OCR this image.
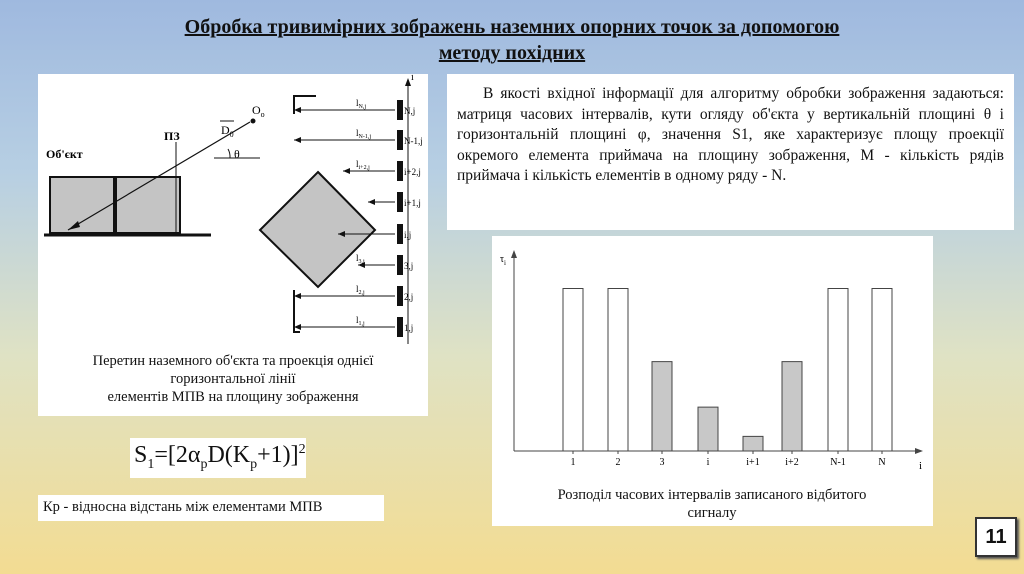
Обробка тривимірних зображень наземних опорних точок за допомогою
методу похідних
Об'єкт
ПЗ	$D_0$
$O_o$
θ
i
N,j
$l_{N,j}$
N-1,j
$l_{N-1,j}$
i+2,j
$l_{i+2,j}$
i+1,j
i,j
3,j
$l_{3,j}$
2,j
$l_{2,j}$
1,j
$l_{1,j}$
Перетин наземного об'єкта та проекція однієї
горизонтальної лінії
елементів МПВ на площину зображення
В якості вхідної інформації для алгоритму обробки зображення задаються: матриця часових інтервалів, кути огляду об'єкта у вертикальній площині θ і горизонтальній площині φ, значення S1, яке характеризує площу проекції окремого елемента приймача на площину зображення, М - кількість рядів приймача і кількість елементів в одному ряду - N.
$\tau_i$
i
1	2	3	i	i+1	i+2	N-1	N
Розподіл часових інтервалів записаного відбитого
сигналу
$S_1=[2\alpha_pD(K_p+1)]^2$
Кр - відносна відстань між елементами МПВ
11
